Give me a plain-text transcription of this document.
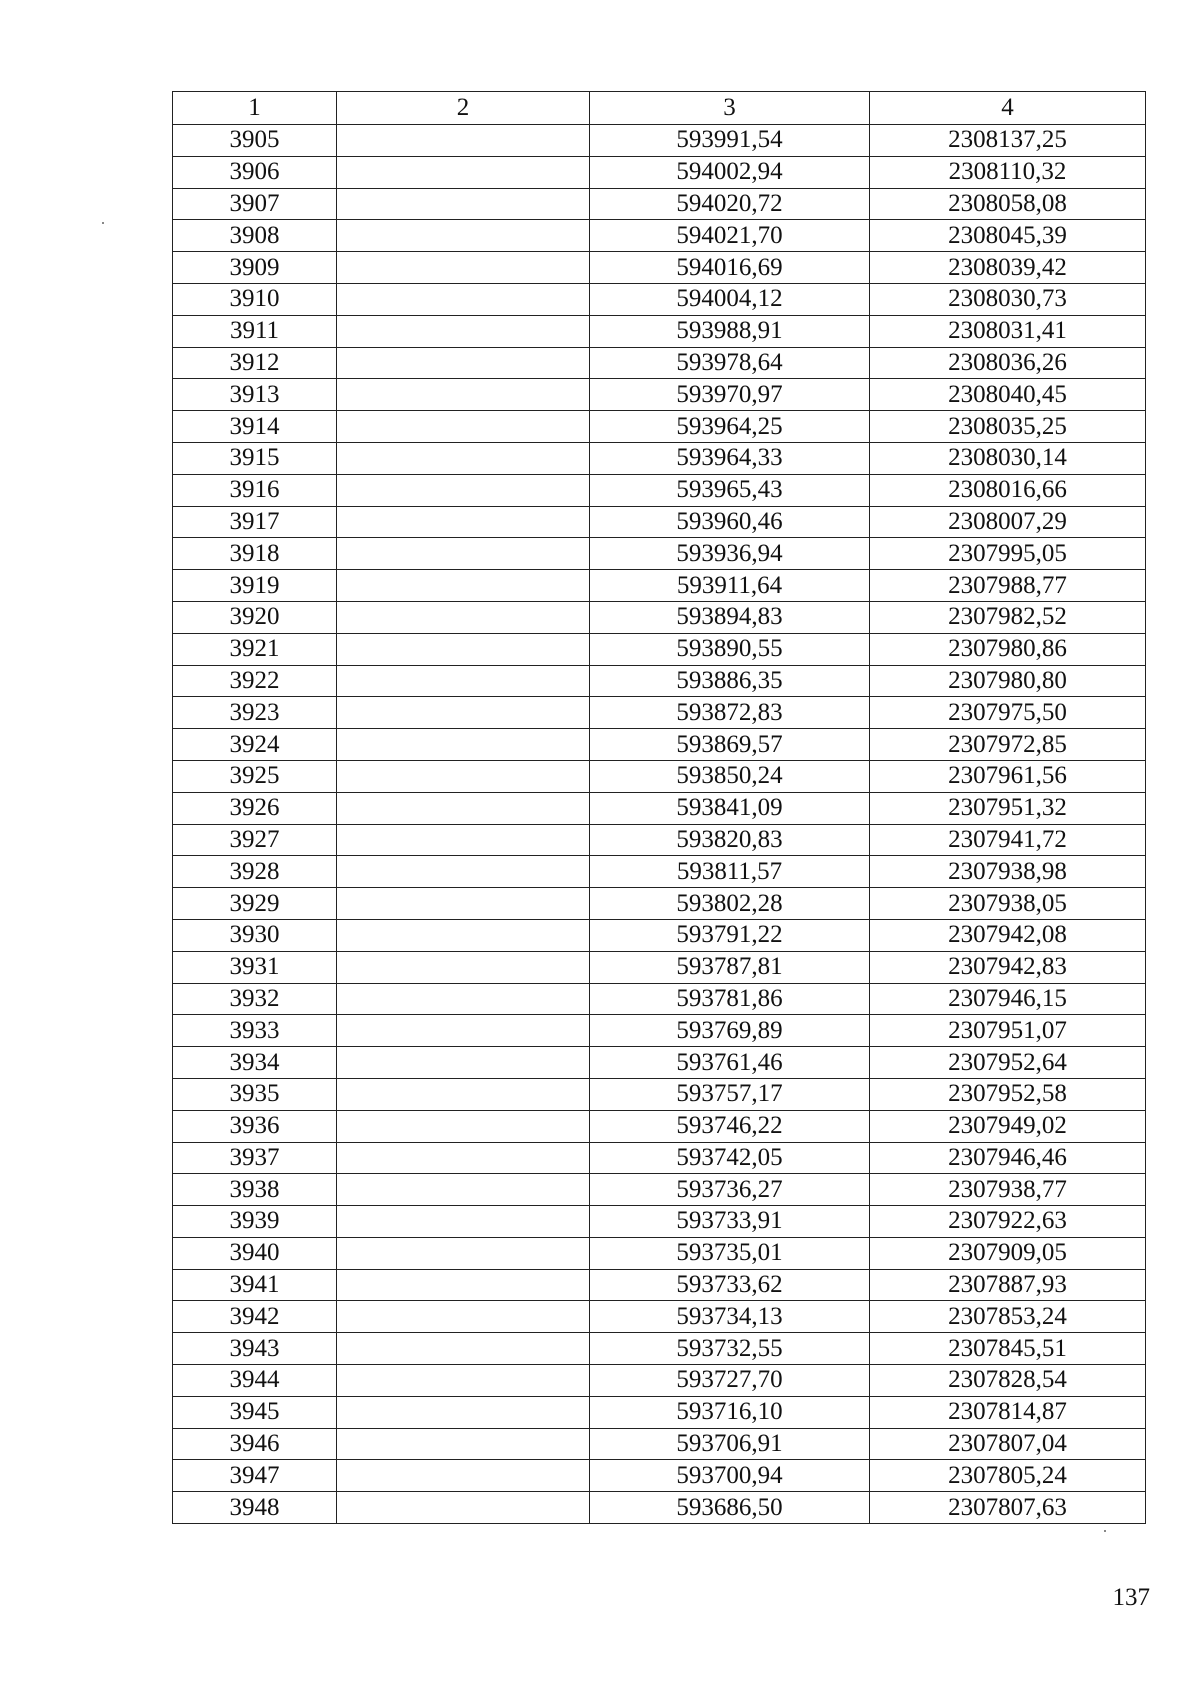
1	2	3	4
3905		593991,54	2308137,25
3906		594002,94	2308110,32
3907		594020,72	2308058,08
3908		594021,70	2308045,39
3909		594016,69	2308039,42
3910		594004,12	2308030,73
3911		593988,91	2308031,41
3912		593978,64	2308036,26
3913		593970,97	2308040,45
3914		593964,25	2308035,25
3915		593964,33	2308030,14
3916		593965,43	2308016,66
3917		593960,46	2308007,29
3918		593936,94	2307995,05
3919		593911,64	2307988,77
3920		593894,83	2307982,52
3921		593890,55	2307980,86
3922		593886,35	2307980,80
3923		593872,83	2307975,50
3924		593869,57	2307972,85
3925		593850,24	2307961,56
3926		593841,09	2307951,32
3927		593820,83	2307941,72
3928		593811,57	2307938,98
3929		593802,28	2307938,05
3930		593791,22	2307942,08
3931		593787,81	2307942,83
3932		593781,86	2307946,15
3933		593769,89	2307951,07
3934		593761,46	2307952,64
3935		593757,17	2307952,58
3936		593746,22	2307949,02
3937		593742,05	2307946,46
3938		593736,27	2307938,77
3939		593733,91	2307922,63
3940		593735,01	2307909,05
3941		593733,62	2307887,93
3942		593734,13	2307853,24
3943		593732,55	2307845,51
3944		593727,70	2307828,54
3945		593716,10	2307814,87
3946		593706,91	2307807,04
3947		593700,94	2307805,24
3948		593686,50	2307807,63
137
